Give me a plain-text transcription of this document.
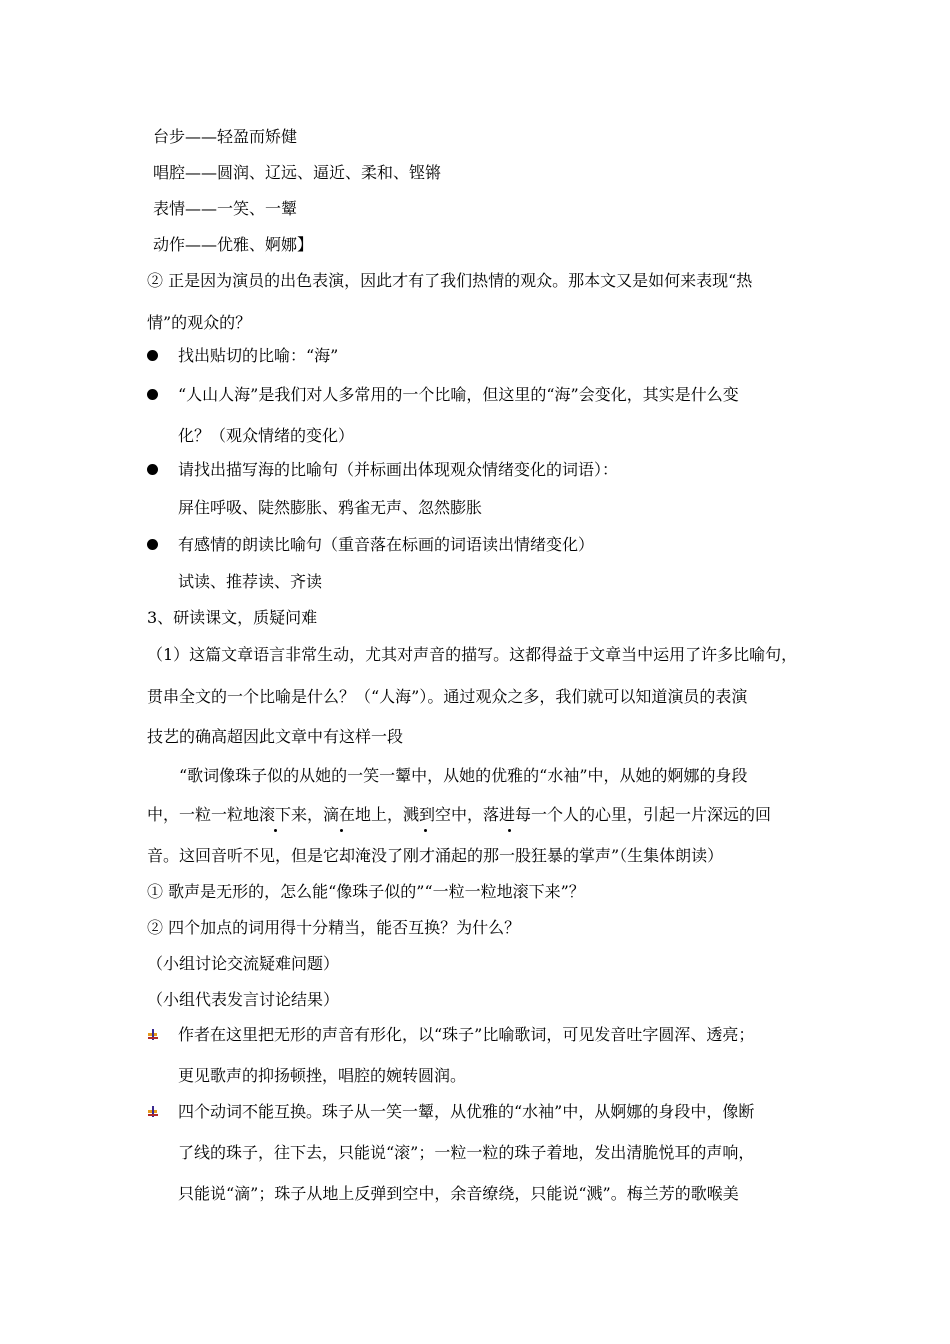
台步——轻盈而矫健
唱腔——圆润、辽远、逼近、柔和、铿锵
表情——一笑、一颦
动作——优雅、婀娜】
② 正是因为演员的出色表演，因此才有了我们热情的观众。那本文又是如何来表现“热
情”的观众的？
找出贴切的比喻：“海”
“人山人海”是我们对人多常用的一个比喻，但这里的“海”会变化，其实是什么变
化？（观众情绪的变化）
请找出描写海的比喻句（并标画出体现观众情绪变化的词语）：
屏住呼吸、陡然膨胀、鸦雀无声、忽然膨胀
有感情的朗读比喻句（重音落在标画的词语读出情绪变化）
试读、推荐读、齐读
3、研读课文，质疑问难
（1）这篇文章语言非常生动，尤其对声音的描写。这都得益于文章当中运用了许多比喻句，
贯串全文的一个比喻是什么？（“人海”）。通过观众之多，我们就可以知道演员的表演
技艺的确高超因此文章中有这样一段
“歌词像珠子似的从她的一笑一颦中，从她的优雅的“水袖”中，从她的婀娜的身段
中，一粒一粒地滚下来，滴在地上，溅到空中，落进每一个人的心里，引起一片深远的回
音。这回音听不见，但是它却淹没了刚才涌起的那一股狂暴的掌声”（生集体朗读）
① 歌声是无形的，怎么能“像珠子似的”“一粒一粒地滚下来”？
② 四个加点的词用得十分精当，能否互换？为什么？
（小组讨论交流疑难问题）
（小组代表发言讨论结果）
作者在这里把无形的声音有形化，以“珠子”比喻歌词，可见发音吐字圆浑、透亮；
更见歌声的抑扬顿挫，唱腔的婉转圆润。
四个动词不能互换。珠子从一笑一颦，从优雅的“水袖”中，从婀娜的身段中，像断
了线的珠子，往下去，只能说“滚”；一粒一粒的珠子着地，发出清脆悦耳的声响，
只能说“滴”；珠子从地上反弹到空中，余音缭绕，只能说“溅”。梅兰芳的歌喉美
